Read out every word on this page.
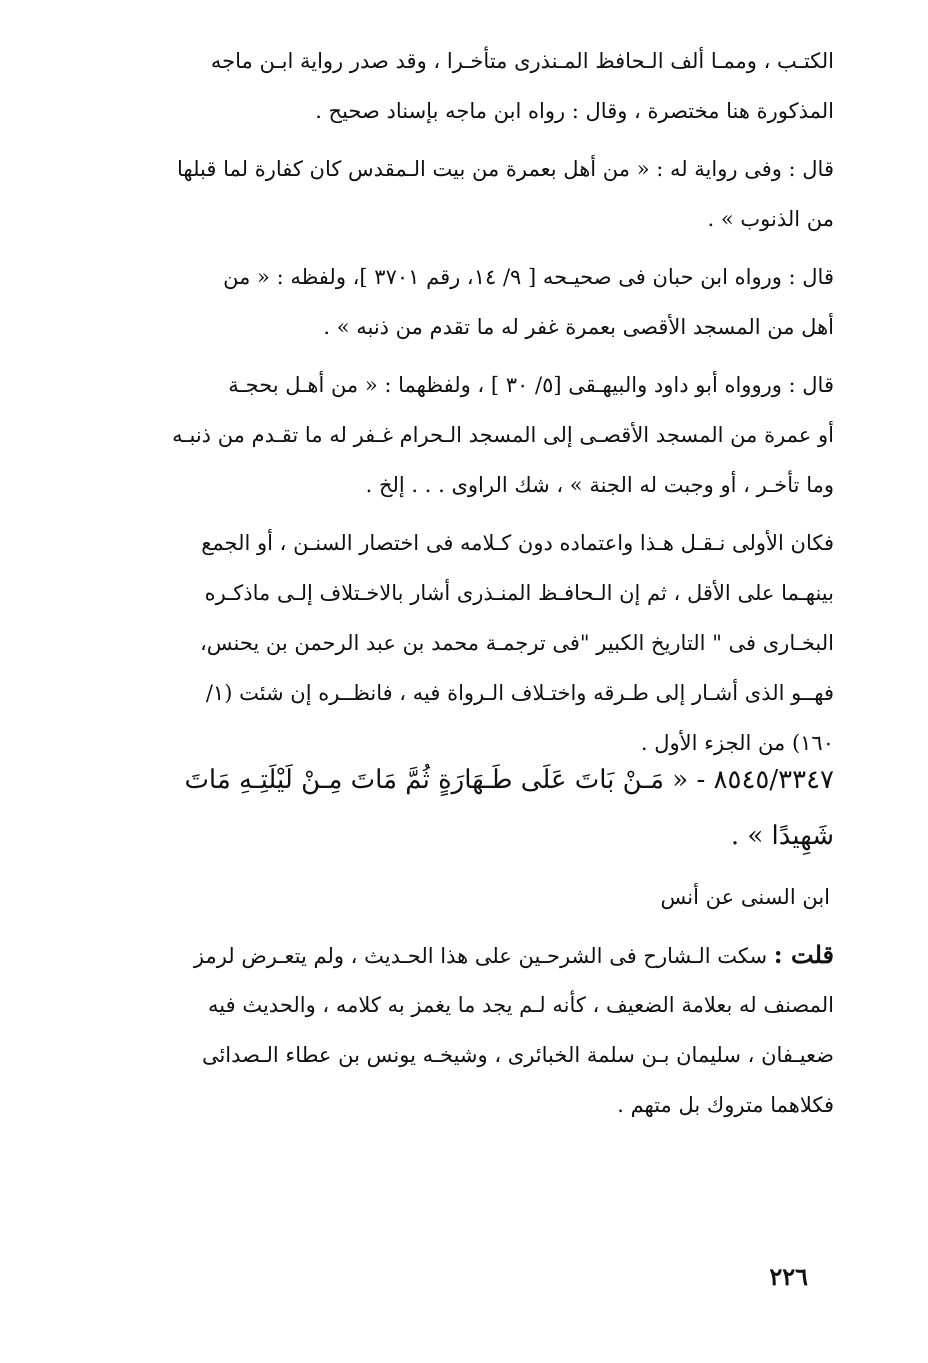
الكتـب ، وممـا ألف الـحافظ المـنذرى متأخـرا ، وقد صدر رواية ابـن ماجه
المذكورة هنا مختصرة ، وقال : رواه ابن ماجه بإسناد صحيح .
قال : وفى رواية له : « من أهل بعمرة من بيت الـمقدس كان كفارة لما قبلها
من الذنوب » .
قال : ورواه ابن حبان فى صحيـحه [ ٩/ ١٤، رقم ٣٧٠١ ]، ولفظه : « من
أهل من المسجد الأقصى بعمرة غفر له ما تقدم من ذنبه » .
قال : وروواه أبو داود والبيهـقى [٥/ ٣٠ ] ، ولفظهما : « من أهـل بحجـة
أو عمرة من المسجد الأقصـى إلى المسجد الـحرام غـفر له ما تقـدم من ذنبـه
وما تأخـر ، أو وجبت له الجنة » ، شك الراوى . . . إلخ .
فكان الأولى نـقـل هـذا واعتماده دون كـلامه فى اختصار السنـن ، أو الجمع
بينهـما على الأقل ، ثم إن الـحافـظ المنـذرى أشار بالاخـتلاف إلـى ماذكـره
البخـارى فى " التاريخ الكبير "فى ترجمـة محمد بن عبد الرحمن بن يحنس،
فهــو الذى أشـار إلى طـرقه واختـلاف الـرواة فيه ، فانظــره إن شئت (١/
١٦٠) من الجزء الأول .
٨٥٤٥/٣٣٤٧ - « مَـنْ بَاتَ عَلَى طَـهَارَةٍ ثُمَّ مَاتَ مِـنْ لَيْلَتِـهِ مَاتَ
شَهِيدًا » .
ابن السنى عن أنس
قلت : سكت الـشارح فى الشرحـين على هذا الحـديث ، ولم يتعـرض لرمز
المصنف له بعلامة الضعيف ، كأنه لـم يجد ما يغمز به كلامه ، والحديث فيه
ضعيـفان ، سليمان بـن سلمة الخبائرى ، وشيخـه يونس بن عطاء الـصدائى
فكلاهما متروك بل متهم .
٢٢٦
